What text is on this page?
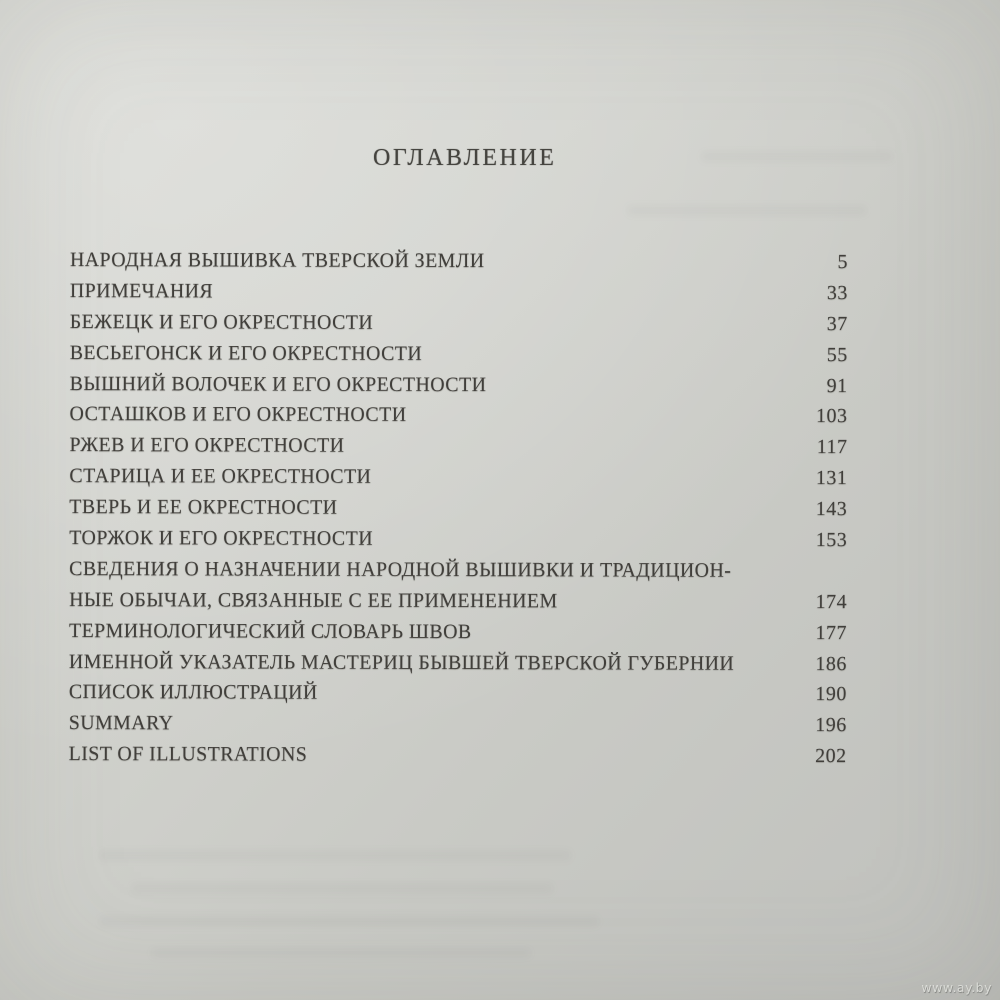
ОГЛАВЛЕНИЕ
НАРОДНАЯ ВЫШИВКА ТВЕРСКОЙ ЗЕМЛИ	5
ПРИМЕЧАНИЯ	33
БЕЖЕЦК И ЕГО ОКРЕСТНОСТИ	37
ВЕСЬЕГОНСК И ЕГО ОКРЕСТНОСТИ	55
ВЫШНИЙ ВОЛОЧЕК И ЕГО ОКРЕСТНОСТИ	91
ОСТАШКОВ И ЕГО ОКРЕСТНОСТИ	103
РЖЕВ И ЕГО ОКРЕСТНОСТИ	117
СТАРИЦА И ЕЕ ОКРЕСТНОСТИ	131
ТВЕРЬ И ЕЕ ОКРЕСТНОСТИ	143
ТОРЖОК И ЕГО ОКРЕСТНОСТИ	153
СВЕДЕНИЯ О НАЗНАЧЕНИИ НАРОДНОЙ ВЫШИВКИ И ТРАДИЦИОН-
НЫЕ ОБЫЧАИ, СВЯЗАННЫЕ С ЕЕ ПРИМЕНЕНИЕМ	174
ТЕРМИНОЛОГИЧЕСКИЙ СЛОВАРЬ ШВОВ	177
ИМЕННОЙ УКАЗАТЕЛЬ МАСТЕРИЦ БЫВШЕЙ ТВЕРСКОЙ ГУБЕРНИИ	186
СПИСОК ИЛЛЮСТРАЦИЙ	190
SUMMARY	196
LIST OF ILLUSTRATIONS	202
www.ay.by
